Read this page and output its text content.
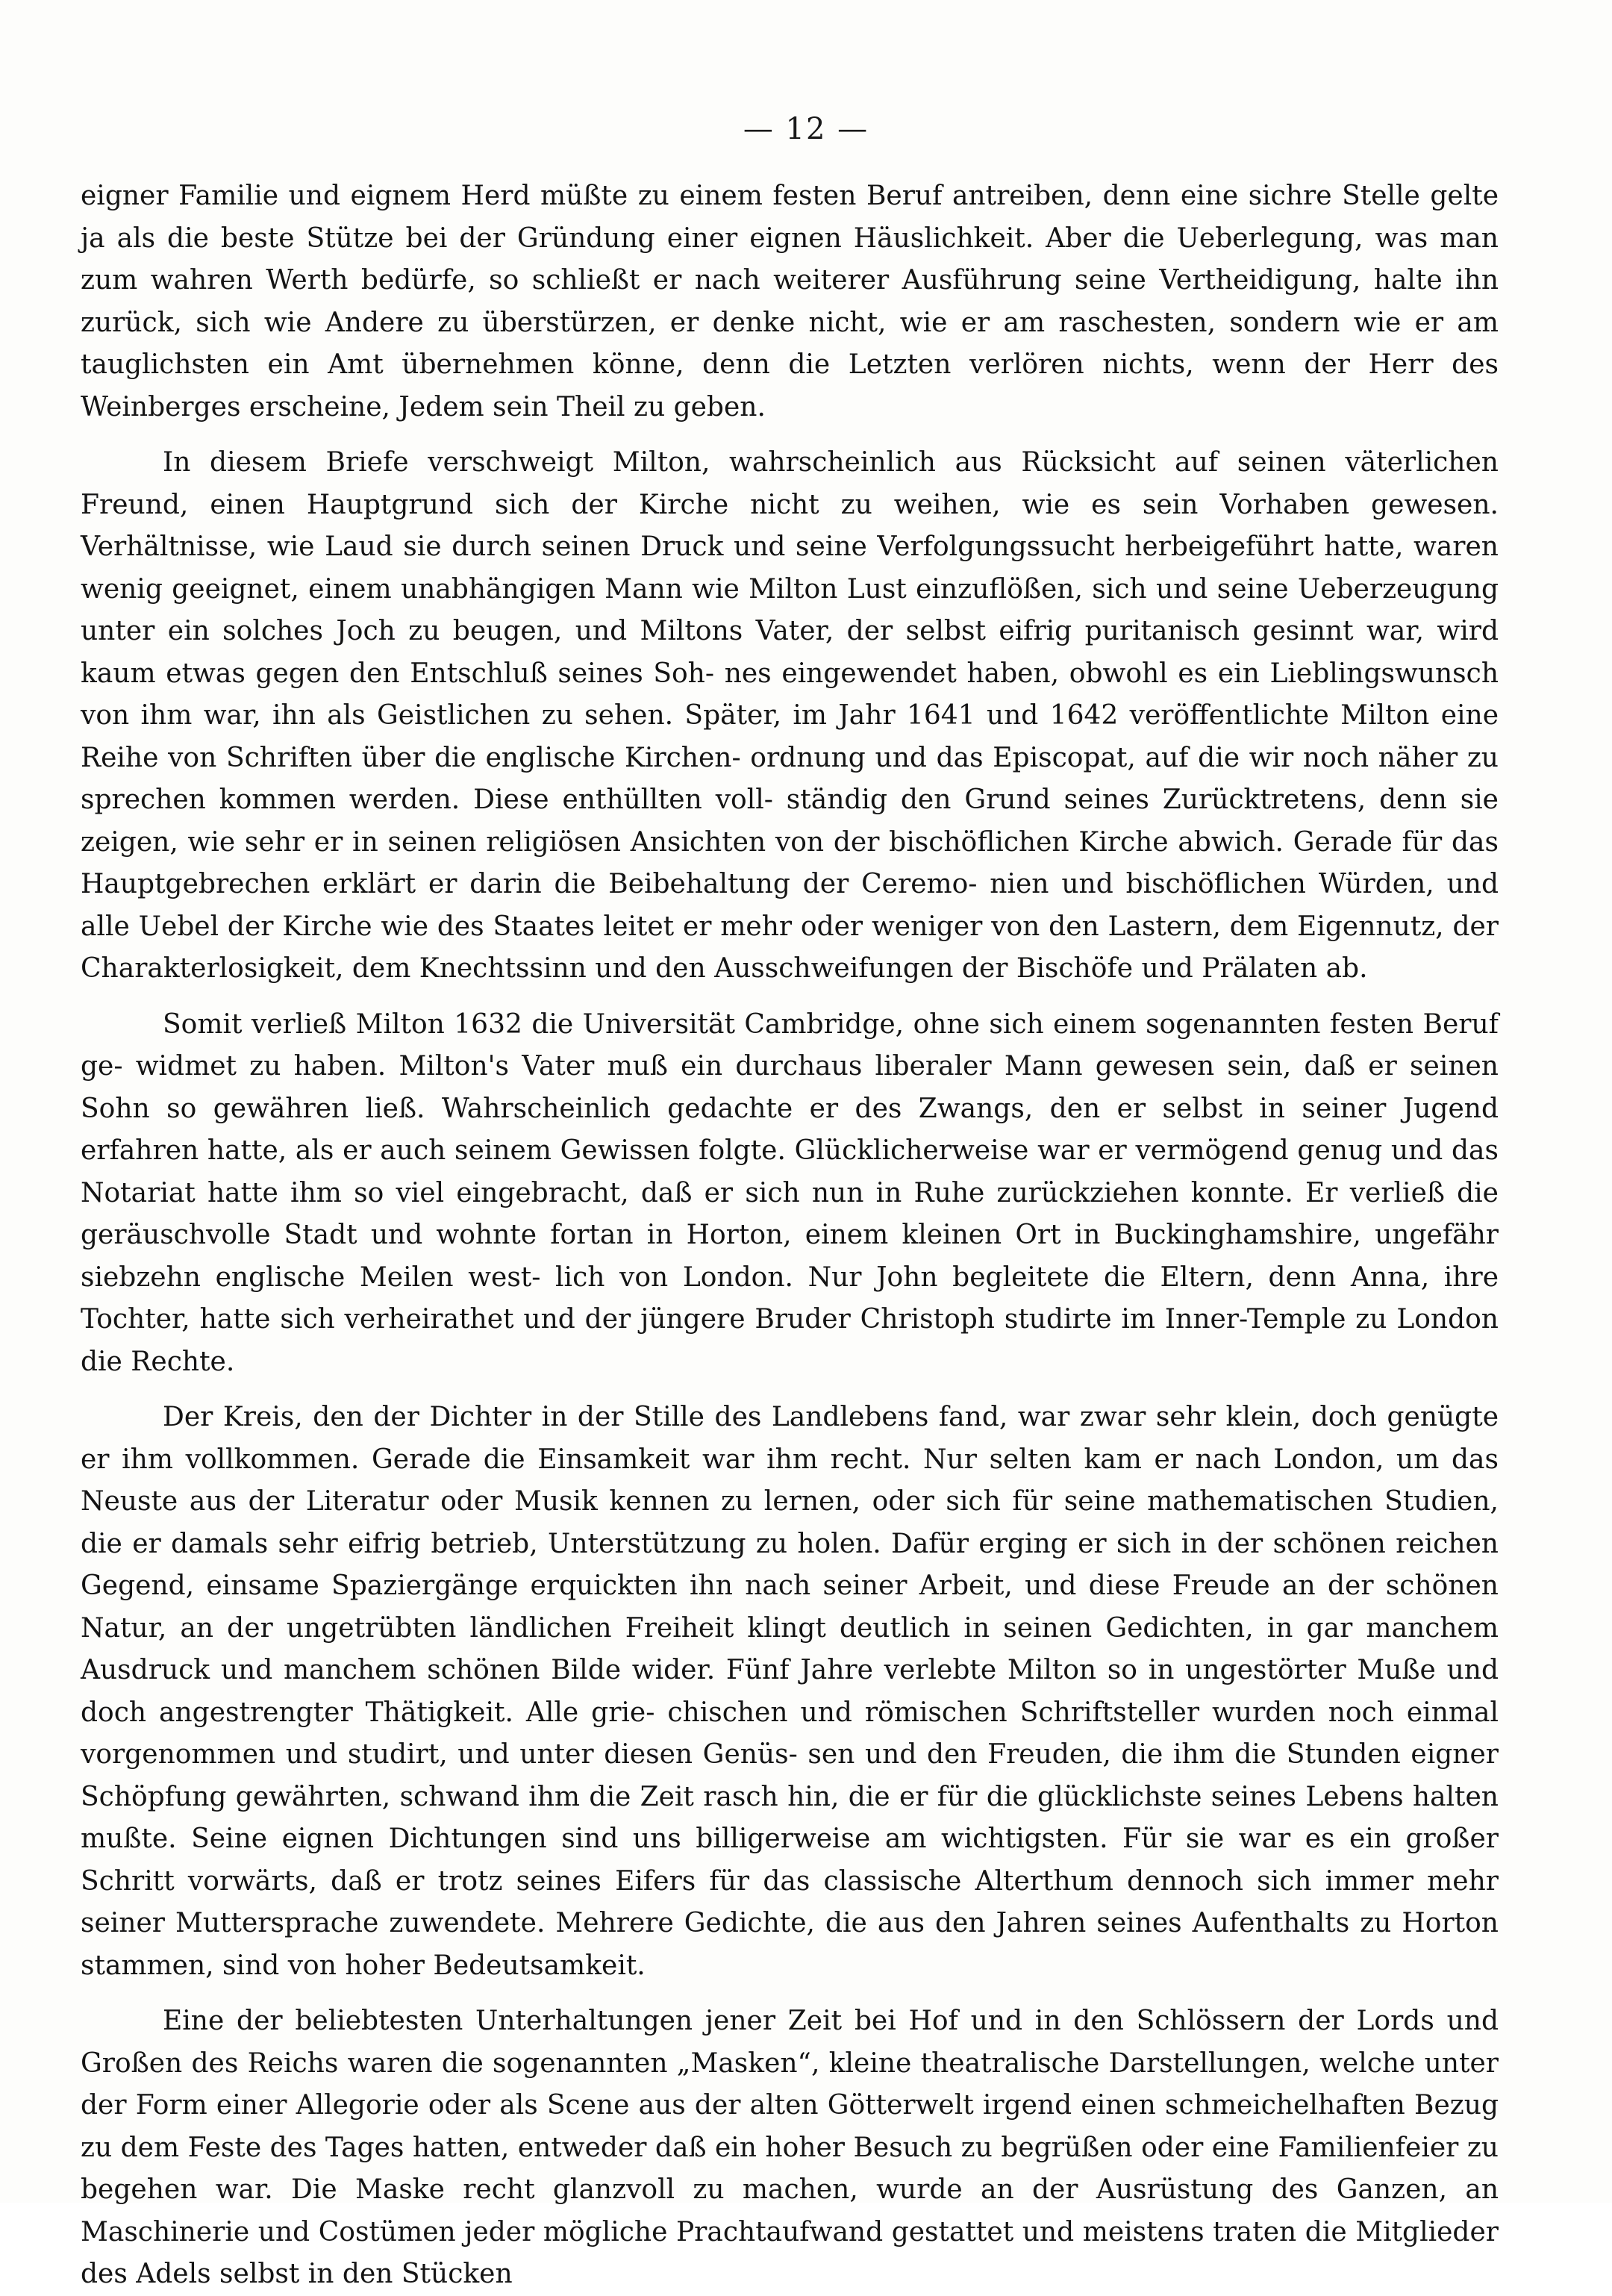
— 12 —

eigner Familie und eignem Herd müßte zu einem festen Beruf antreiben, denn eine sichre Stelle gelte ja als die beste Stütze bei der Gründung einer eignen Häuslichkeit. Aber die Ueberlegung, was man zum wahren Werth bedürfe, so schließt er nach weiterer Ausführung seine Vertheidigung, halte ihn zurück, sich wie Andere zu überstürzen, er denke nicht, wie er am raschesten, sondern wie er am tauglichsten ein Amt übernehmen könne, denn die Letzten verlören nichts, wenn der Herr des Weinberges erscheine, Jedem sein Theil zu geben.

In diesem Briefe verschweigt Milton, wahrscheinlich aus Rücksicht auf seinen väterlichen Freund, einen Hauptgrund sich der Kirche nicht zu weihen, wie es sein Vorhaben gewesen. Verhältnisse, wie Laud sie durch seinen Druck und seine Verfolgungssucht herbeigeführt hatte, waren wenig geeignet, einem unabhängigen Mann wie Milton Lust einzuflößen, sich und seine Ueberzeugung unter ein solches Joch zu beugen, und Miltons Vater, der selbst eifrig puritanisch gesinnt war, wird kaum etwas gegen den Entschluß seines Soh- nes eingewendet haben, obwohl es ein Lieblingswunsch von ihm war, ihn als Geistlichen zu sehen. Später, im Jahr 1641 und 1642 veröffentlichte Milton eine Reihe von Schriften über die englische Kirchen- ordnung und das Episcopat, auf die wir noch näher zu sprechen kommen werden. Diese enthüllten voll- ständig den Grund seines Zurücktretens, denn sie zeigen, wie sehr er in seinen religiösen Ansichten von der bischöflichen Kirche abwich. Gerade für das Hauptgebrechen erklärt er darin die Beibehaltung der Ceremo- nien und bischöflichen Würden, und alle Uebel der Kirche wie des Staates leitet er mehr oder weniger von den Lastern, dem Eigennutz, der Charakterlosigkeit, dem Knechtssinn und den Ausschweifungen der Bischöfe und Prälaten ab.

Somit verließ Milton 1632 die Universität Cambridge, ohne sich einem sogenannten festen Beruf ge- widmet zu haben. Milton's Vater muß ein durchaus liberaler Mann gewesen sein, daß er seinen Sohn so gewähren ließ. Wahrscheinlich gedachte er des Zwangs, den er selbst in seiner Jugend erfahren hatte, als er auch seinem Gewissen folgte. Glücklicherweise war er vermögend genug und das Notariat hatte ihm so viel eingebracht, daß er sich nun in Ruhe zurückziehen konnte. Er verließ die geräuschvolle Stadt und wohnte fortan in Horton, einem kleinen Ort in Buckinghamshire, ungefähr siebzehn englische Meilen west- lich von London. Nur John begleitete die Eltern, denn Anna, ihre Tochter, hatte sich verheirathet und der jüngere Bruder Christoph studirte im Inner-Temple zu London die Rechte.

Der Kreis, den der Dichter in der Stille des Landlebens fand, war zwar sehr klein, doch genügte er ihm vollkommen. Gerade die Einsamkeit war ihm recht. Nur selten kam er nach London, um das Neuste aus der Literatur oder Musik kennen zu lernen, oder sich für seine mathematischen Studien, die er damals sehr eifrig betrieb, Unterstützung zu holen. Dafür erging er sich in der schönen reichen Gegend, einsame Spaziergänge erquickten ihn nach seiner Arbeit, und diese Freude an der schönen Natur, an der ungetrübten ländlichen Freiheit klingt deutlich in seinen Gedichten, in gar manchem Ausdruck und manchem schönen Bilde wider. Fünf Jahre verlebte Milton so in ungestörter Muße und doch angestrengter Thätigkeit. Alle grie- chischen und römischen Schriftsteller wurden noch einmal vorgenommen und studirt, und unter diesen Genüs- sen und den Freuden, die ihm die Stunden eigner Schöpfung gewährten, schwand ihm die Zeit rasch hin, die er für die glücklichste seines Lebens halten mußte. Seine eignen Dichtungen sind uns billigerweise am wichtigsten. Für sie war es ein großer Schritt vorwärts, daß er trotz seines Eifers für das classische Alterthum dennoch sich immer mehr seiner Muttersprache zuwendete. Mehrere Gedichte, die aus den Jahren seines Aufenthalts zu Horton stammen, sind von hoher Bedeutsamkeit.

Eine der beliebtesten Unterhaltungen jener Zeit bei Hof und in den Schlössern der Lords und Großen des Reichs waren die sogenannten „Masken“, kleine theatralische Darstellungen, welche unter der Form einer Allegorie oder als Scene aus der alten Götterwelt irgend einen schmeichelhaften Bezug zu dem Feste des Tages hatten, entweder daß ein hoher Besuch zu begrüßen oder eine Familienfeier zu begehen war. Die Maske recht glanzvoll zu machen, wurde an der Ausrüstung des Ganzen, an Maschinerie und Costümen jeder mögliche Prachtaufwand gestattet und meistens traten die Mitglieder des Adels selbst in den Stücken
